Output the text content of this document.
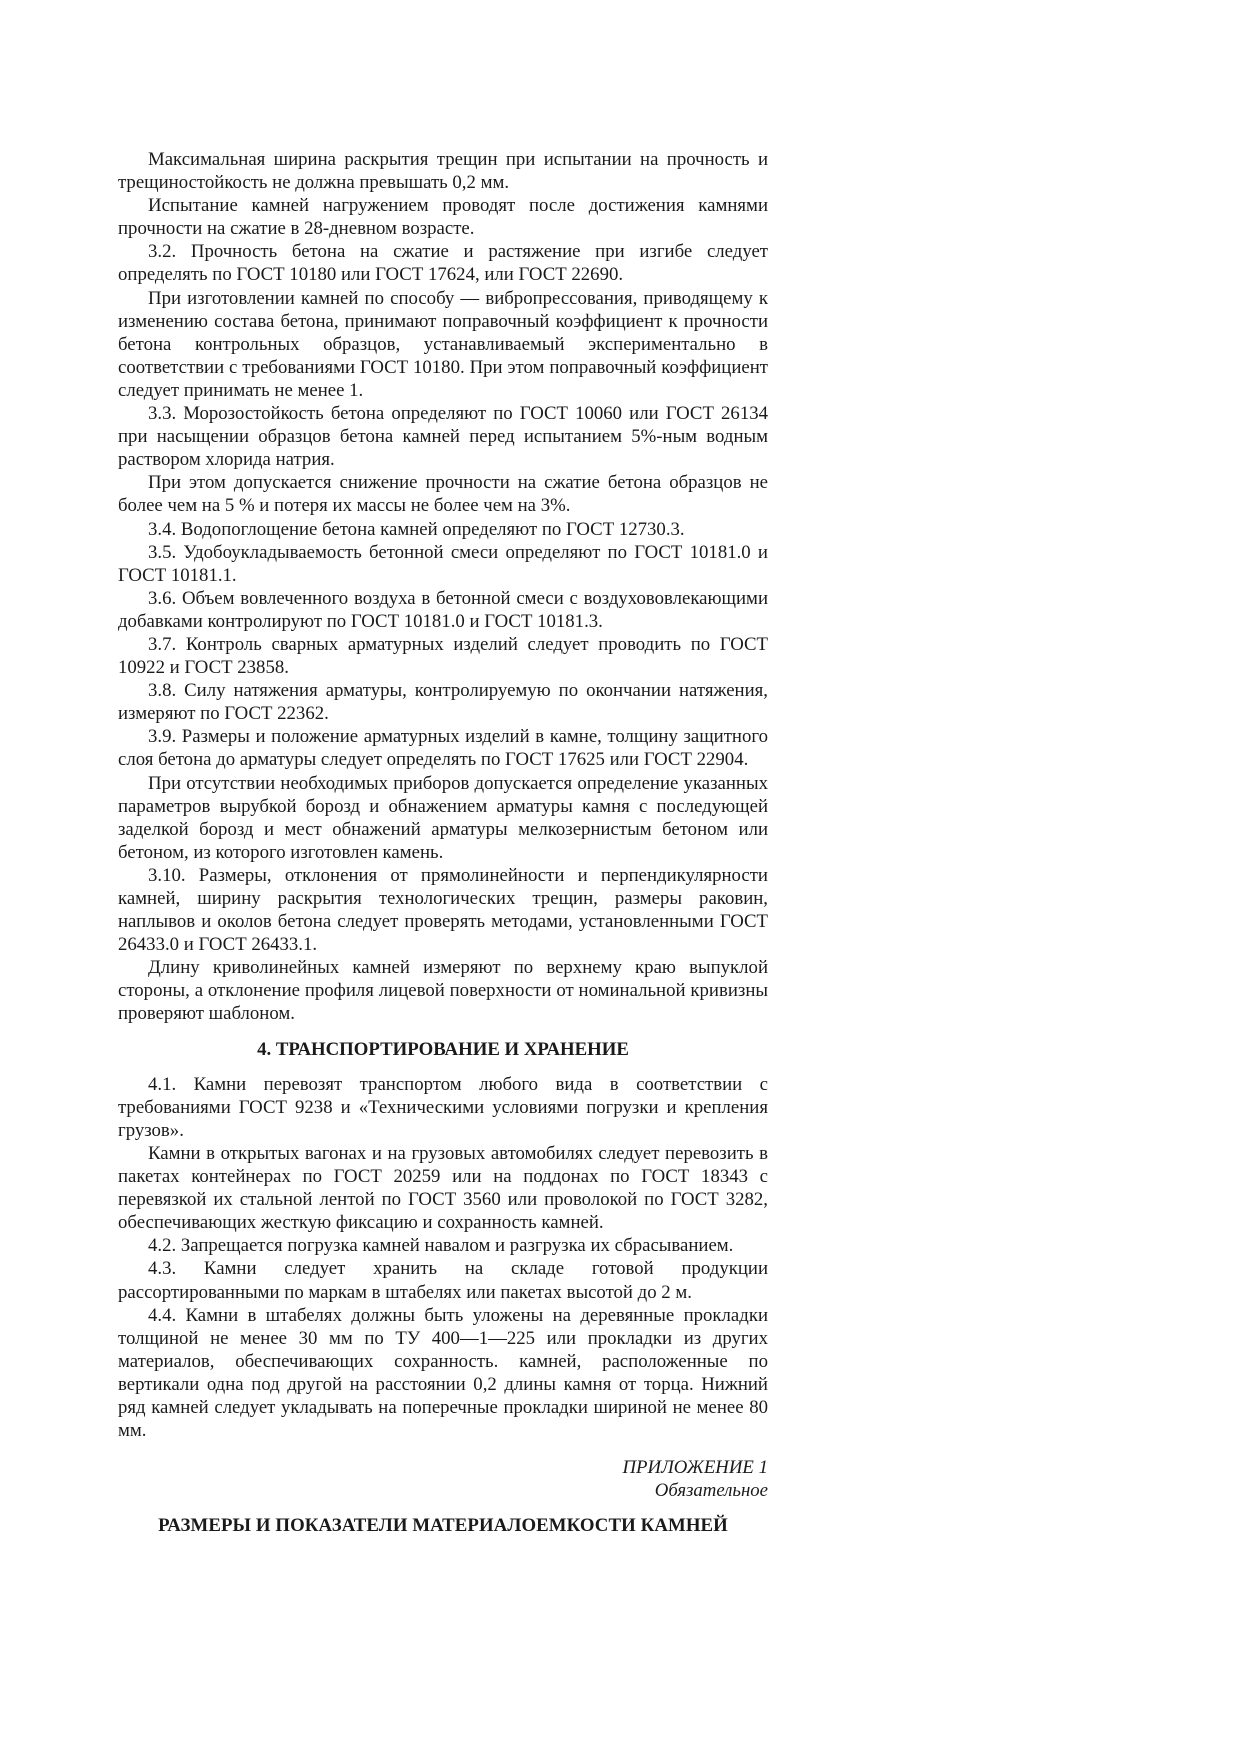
Максимальная ширина раскрытия трещин при испытании на прочность и трещиностойкость не должна превышать 0,2 мм.

Испытание камней нагружением проводят после достижения камнями прочности на сжатие в 28-дневном возрасте.

3.2. Прочность бетона на сжатие и растяжение при изгибе следует определять по ГОСТ 10180 или ГОСТ 17624, или ГОСТ 22690.

При изготовлении камней по способу — вибропрессования, приводящему к изменению состава бетона, принимают поправочный коэффициент к прочности бетона контрольных образцов, устанавливаемый экспериментально в соответствии с требованиями ГОСТ 10180. При этом поправочный коэффициент следует принимать не менее 1.

3.3. Морозостойкость бетона определяют по ГОСТ 10060 или ГОСТ 26134 при насыщении образцов бетона камней перед испытанием 5%-ным водным раствором хлорида натрия.

При этом допускается снижение прочности на сжатие бетона образцов не более чем на 5 % и потеря их массы не более чем на 3%.

3.4. Водопоглощение бетона камней определяют по ГОСТ 12730.3.

3.5. Удобоукладываемость бетонной смеси определяют по ГОСТ 10181.0 и ГОСТ 10181.1.

3.6. Объем вовлеченного воздуха в бетонной смеси с воздухововлекающими добавками контролируют по ГОСТ 10181.0 и ГОСТ 10181.3.

3.7. Контроль сварных арматурных изделий следует проводить по ГОСТ 10922 и ГОСТ 23858.

3.8. Силу натяжения арматуры, контролируемую по окончании натяжения, измеряют по ГОСТ 22362.

3.9. Размеры и положение арматурных изделий в камне, толщину защитного слоя бетона до арматуры следует определять по ГОСТ 17625 или ГОСТ 22904.

При отсутствии необходимых приборов допускается определение указанных параметров вырубкой борозд и обнажением арматуры камня с последующей заделкой борозд и мест обнажений арматуры мелкозернистым бетоном или бетоном, из которого изготовлен камень.

3.10. Размеры, отклонения от прямолинейности и перпендикулярности камней, ширину раскрытия технологических трещин, размеры раковин, наплывов и околов бетона следует проверять методами, установленными ГОСТ 26433.0 и ГОСТ 26433.1.

Длину криволинейных камней измеряют по верхнему краю выпуклой стороны, а отклонение профиля лицевой поверхности от номинальной кривизны проверяют шаблоном.

4. ТРАНСПОРТИРОВАНИЕ И ХРАНЕНИЕ

4.1. Камни перевозят транспортом любого вида в соответствии с требованиями ГОСТ 9238 и «Техническими условиями погрузки и крепления грузов».

Камни в открытых вагонах и на грузовых автомобилях следует перевозить в пакетах контейнерах по ГОСТ 20259 или на поддонах по ГОСТ 18343 с перевязкой их стальной лентой по ГОСТ 3560 или проволокой по ГОСТ 3282, обеспечивающих жесткую фиксацию и сохранность камней.

4.2. Запрещается погрузка камней навалом и разгрузка их сбрасыванием.

4.3. Камни следует хранить на складе готовой продукции рассортированными по маркам в штабелях или пакетах высотой до 2 м.

4.4. Камни в штабелях должны быть уложены на деревянные прокладки толщиной не менее 30 мм по ТУ 400—1—225 или прокладки из других материалов, обеспечивающих сохранность. камней, расположенные по вертикали одна под другой на расстоянии 0,2 длины камня от торца. Нижний ряд камней следует укладывать на поперечные прокладки шириной не менее 80 мм.

ПРИЛОЖЕНИЕ 1
Обязательное
РАЗМЕРЫ И ПОКАЗАТЕЛИ МАТЕРИАЛОЕМКОСТИ КАМНЕЙ
